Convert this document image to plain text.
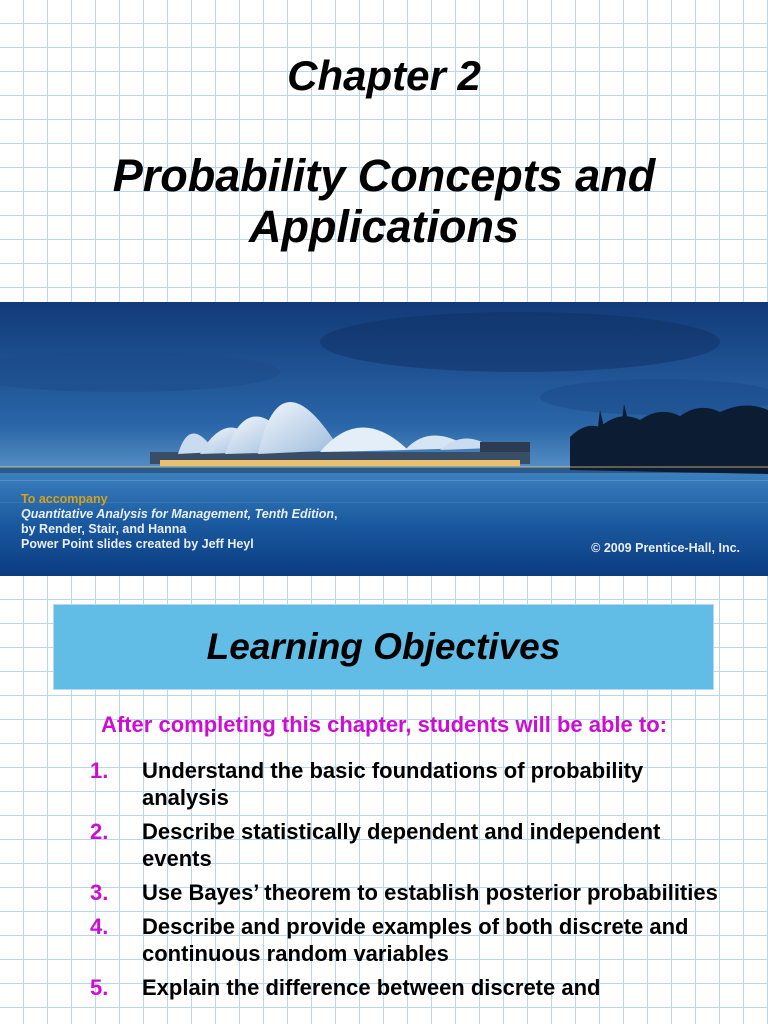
Chapter 2
Probability Concepts and
Applications
To accompany
Quantitative Analysis for Management, Tenth Edition,
by Render, Stair, and Hanna
Power Point slides created by Jeff Heyl	© 2009 Prentice-Hall, Inc.
Learning Objectives
After completing this chapter, students will be able to:
1.	Understand the basic foundations of probability analysis
2.	Describe statistically dependent and independent events
3.	Use Bayes’ theorem to establish posterior probabilities
4.	Describe and provide examples of both discrete and continuous random variables
5.	Explain the difference between discrete and
